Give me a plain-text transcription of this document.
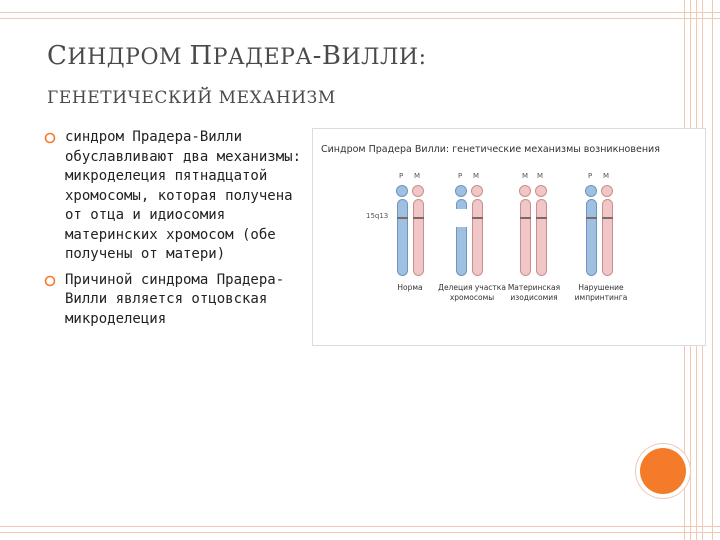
СИНДРОМ ПРАДЕРА-ВИЛЛИ:
ГЕНЕТИЧЕСКИЙ МЕХАНИЗМ
синдром Прадера-Вилли обуславливают два механизмы: микроделеция пятнадцатой хромосомы, которая получена от отца и идиосомия материнских хромосом (обе получены от матери)
Причиной синдрома Прадера-Вилли является отцовская микроделеция
Синдром Прадера Вилли: генетические механизмы возникновения
15q13
Р М
Норма
Р М
Делеция участка хромосомы
М М
Материнская изодисомия
Р М
Нарушение импринтинга
